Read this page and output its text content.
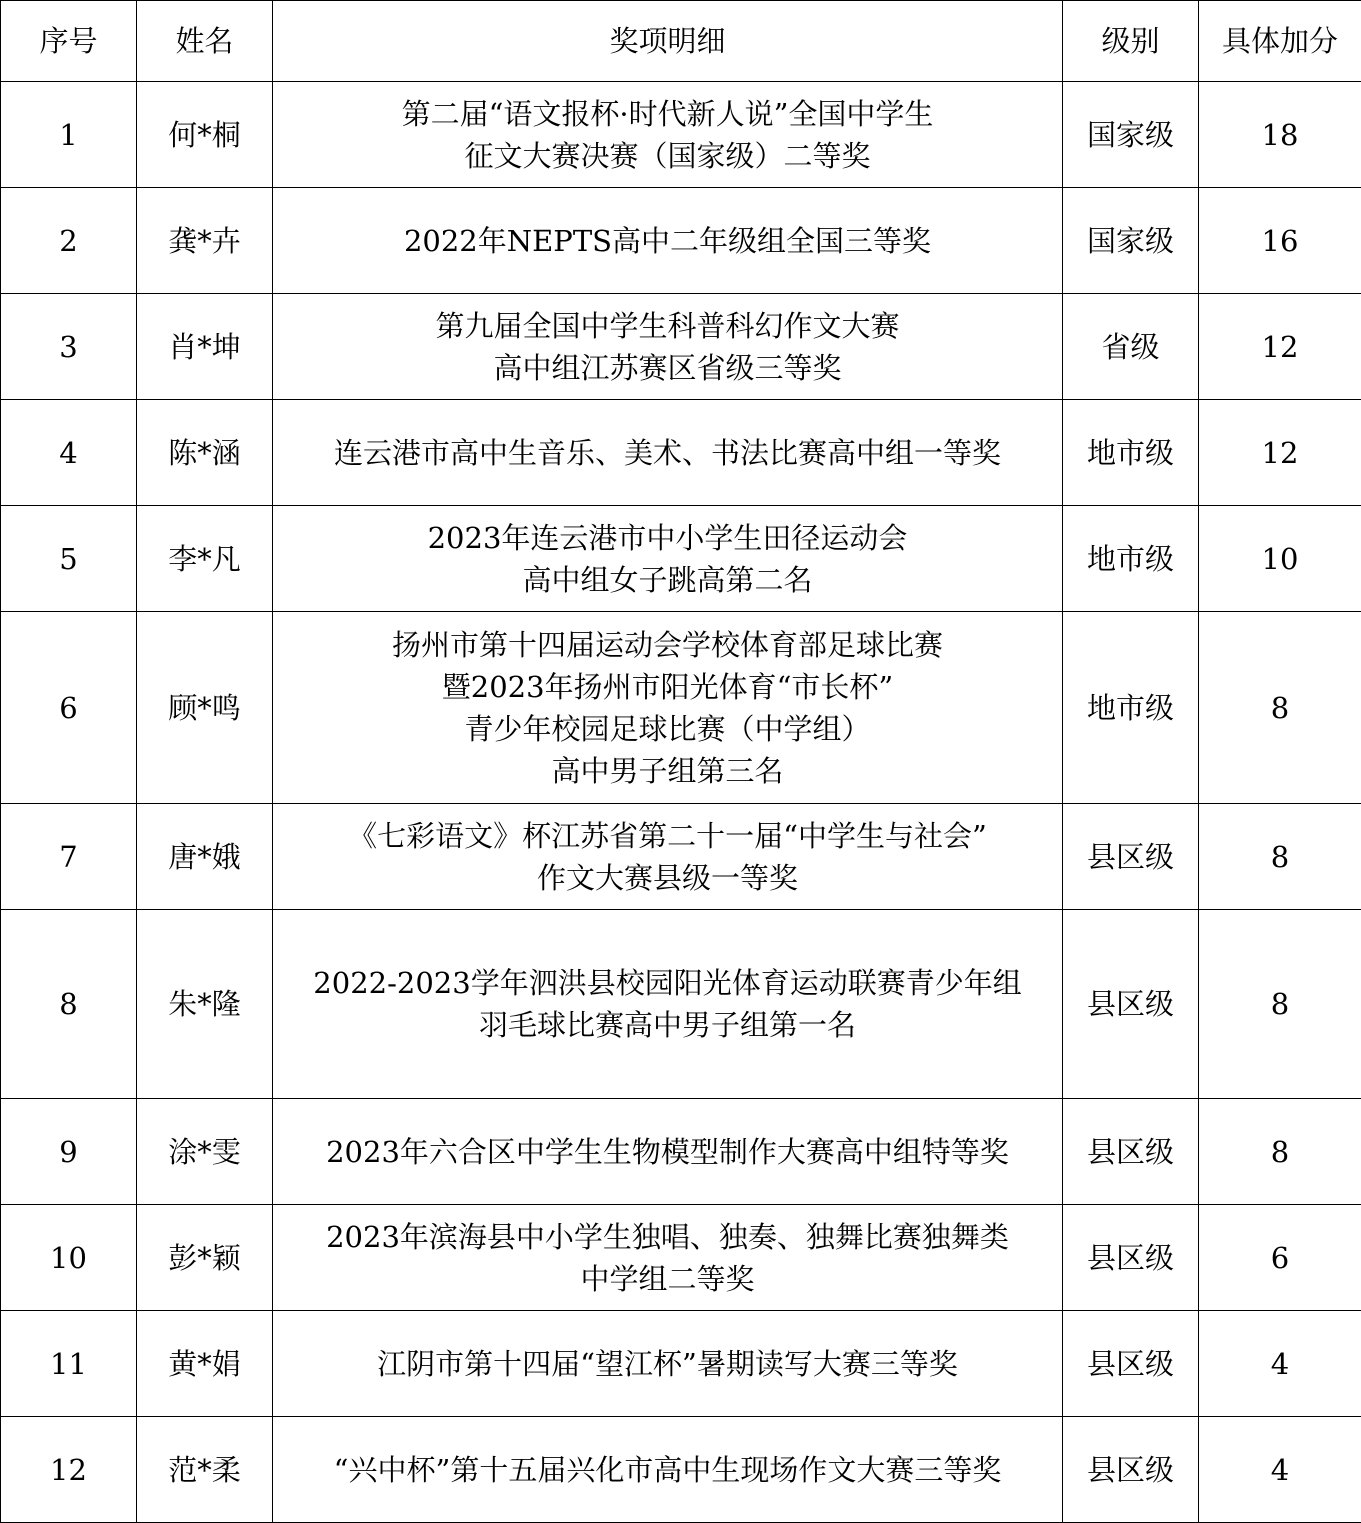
序号	姓名	奖项明细	级别	具体加分
1	何*桐	第二届“语文报杯·时代新人说”全国中学生
征文大赛决赛（国家级）二等奖	国家级	18
2	龚*卉	2022年NEPTS高中二年级组全国三等奖	国家级	16
3	肖*坤	第九届全国中学生科普科幻作文大赛
高中组江苏赛区省级三等奖	省级	12
4	陈*涵	连云港市高中生音乐、美术、书法比赛高中组一等奖	地市级	12
5	李*凡	2023年连云港市中小学生田径运动会
高中组女子跳高第二名	地市级	10
6	顾*鸣	扬州市第十四届运动会学校体育部足球比赛
暨2023年扬州市阳光体育“市长杯”
青少年校园足球比赛（中学组）
高中男子组第三名	地市级	8
7	唐*娥	《七彩语文》杯江苏省第二十一届“中学生与社会”
作文大赛县级一等奖	县区级	8
8	朱*隆	2022-2023学年泗洪县校园阳光体育运动联赛青少年组
羽毛球比赛高中男子组第一名	县区级	8
9	涂*雯	2023年六合区中学生生物模型制作大赛高中组特等奖	县区级	8
10	彭*颖	2023年滨海县中小学生独唱、独奏、独舞比赛独舞类
中学组二等奖	县区级	6
11	黄*娟	江阴市第十四届“望江杯”暑期读写大赛三等奖	县区级	4
12	范*柔	“兴中杯”第十五届兴化市高中生现场作文大赛三等奖	县区级	4
